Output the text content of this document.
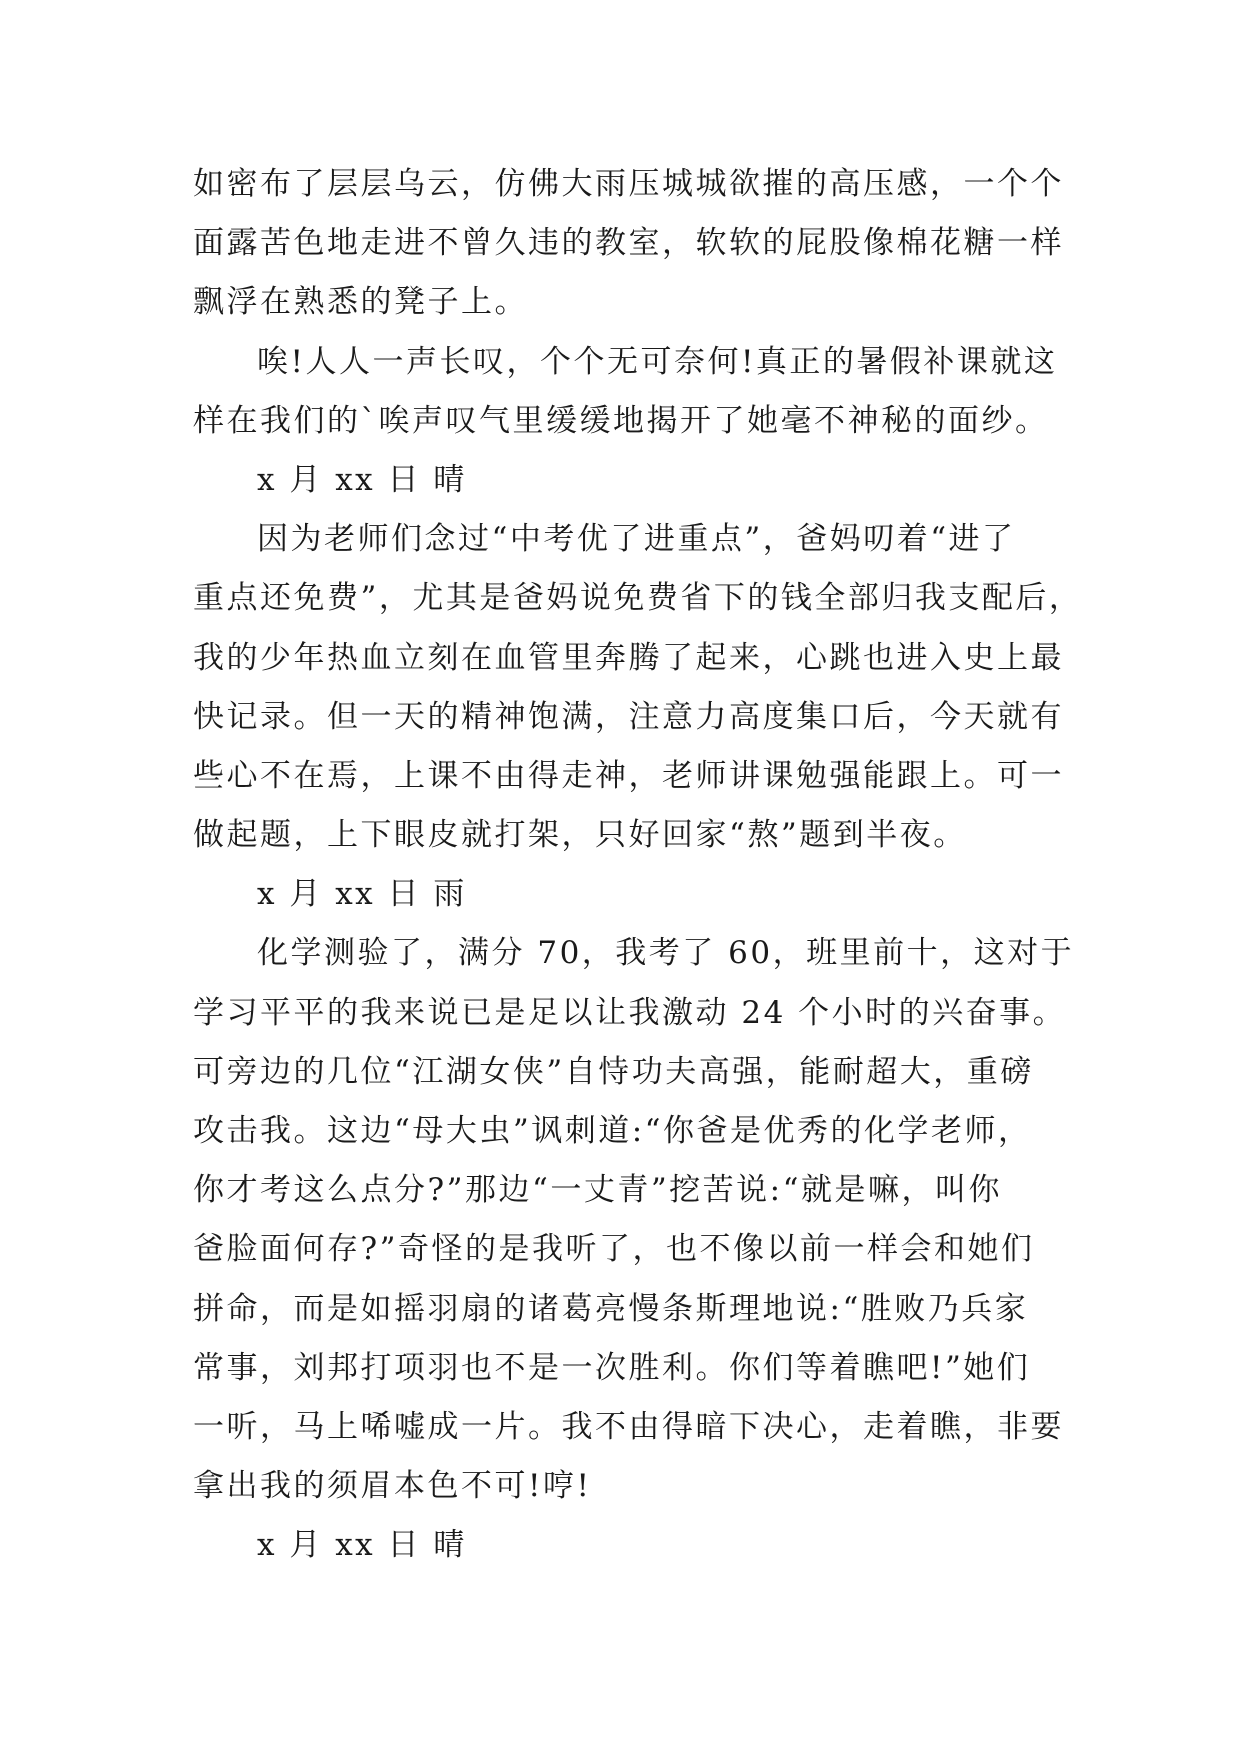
如密布了层层乌云，仿佛大雨压城城欲摧的高压感，一个个
面露苦色地走进不曾久违的教室，软软的屁股像棉花糖一样
飘浮在熟悉的凳子上。

唉!人人一声长叹，个个无可奈何!真正的暑假补课就这
样在我们的`唉声叹气里缓缓地揭开了她毫不神秘的面纱。

x 月 xx 日 晴

因为老师们念过“中考优了进重点”，爸妈叨着“进了
重点还免费”，尤其是爸妈说免费省下的钱全部归我支配后，
我的少年热血立刻在血管里奔腾了起来，心跳也进入史上最
快记录。但一天的精神饱满，注意力高度集口后，今天就有
些心不在焉，上课不由得走神，老师讲课勉强能跟上。可一
做起题，上下眼皮就打架，只好回家“熬”题到半夜。

x 月 xx 日 雨

化学测验了，满分 70，我考了 60，班里前十，这对于
学习平平的我来说已是足以让我激动 24 个小时的兴奋事。
可旁边的几位“江湖女侠”自恃功夫高强，能耐超大，重磅
攻击我。这边“母大虫”讽刺道:“你爸是优秀的化学老师，
你才考这么点分?”那边“一丈青”挖苦说:“就是嘛，叫你
爸脸面何存?”奇怪的是我听了，也不像以前一样会和她们
拼命，而是如摇羽扇的诸葛亮慢条斯理地说:“胜败乃兵家
常事，刘邦打项羽也不是一次胜利。你们等着瞧吧!”她们
一听，马上唏嘘成一片。我不由得暗下决心，走着瞧，非要
拿出我的须眉本色不可!哼!

x 月 xx 日 晴
